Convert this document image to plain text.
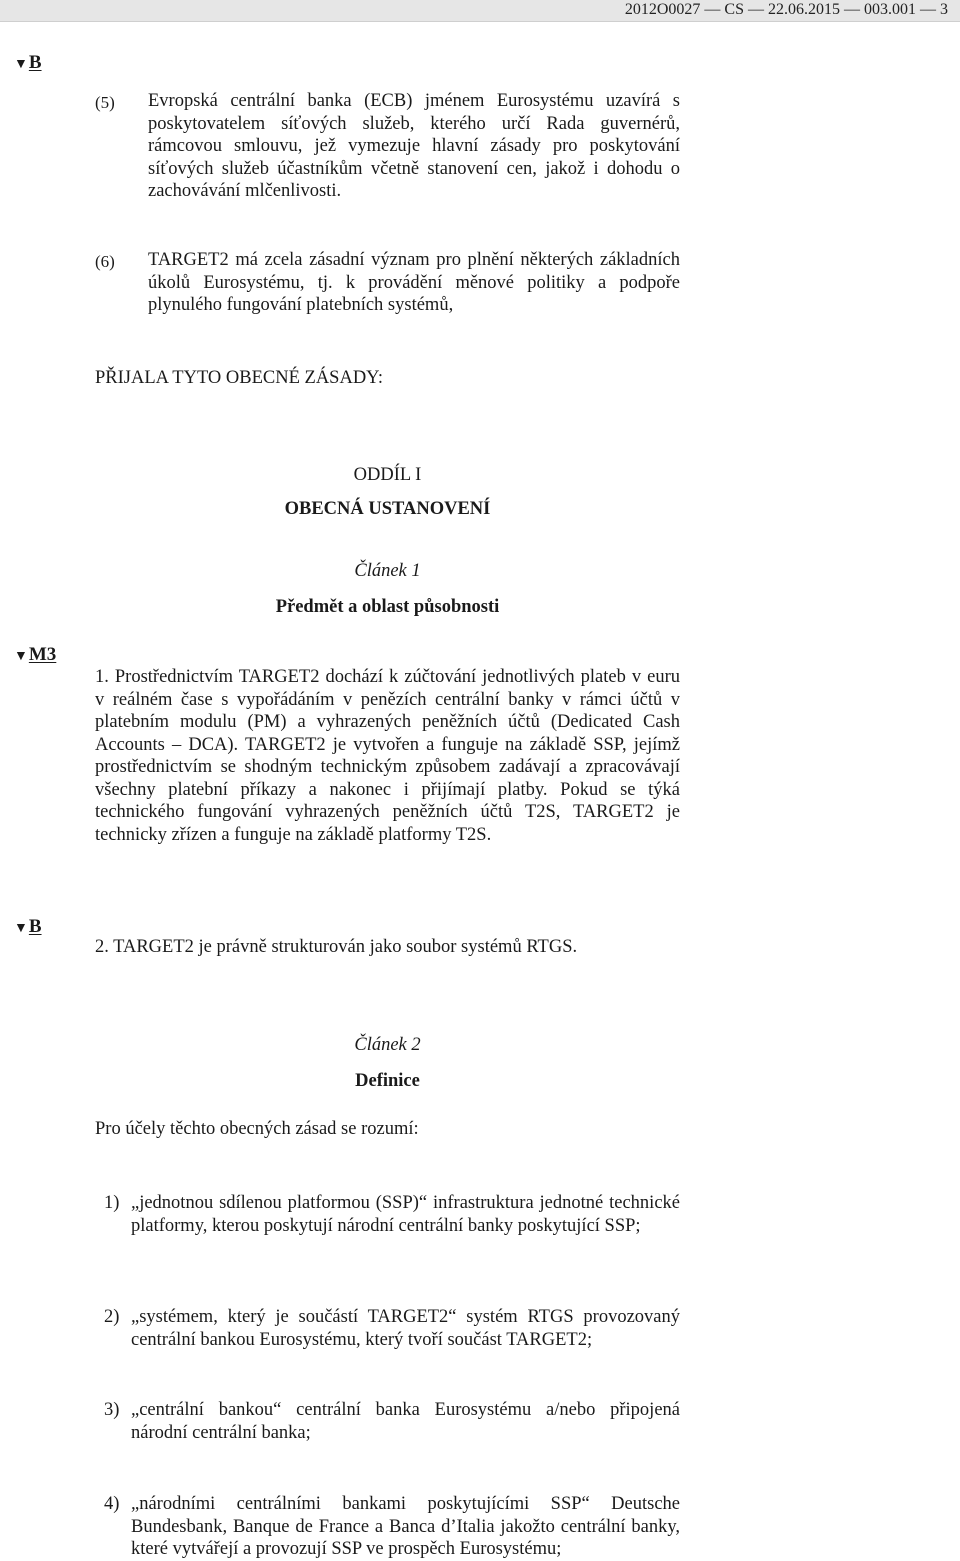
2012O0027 — CS — 22.06.2015 — 003.001 — 3
▼B
(5) Evropská centrální banka (ECB) jménem Eurosystému uzavírá s poskytovatelem síťových služeb, kterého určí Rada guvernérů, rámcovou smlouvu, jež vymezuje hlavní zásady pro poskytování síťových služeb účastníkům včetně stanovení cen, jakož i dohodu o zachovávání mlčenlivosti.
(6) TARGET2 má zcela zásadní význam pro plnění některých základních úkolů Eurosystému, tj. k provádění měnové politiky a podpoře plynulého fungování platebních systémů,
PŘIJALA TYTO OBECNÉ ZÁSADY:
ODDÍL I
OBECNÁ USTANOVENÍ
Článek 1
Předmět a oblast působnosti
▼M3
1. Prostřednictvím TARGET2 dochází k zúčtování jednotlivých plateb v euru v reálném čase s vypořádáním v penězích centrální banky v rámci účtů v platebním modulu (PM) a vyhrazených peněžních účtů (Dedicated Cash Accounts – DCA). TARGET2 je vytvořen a funguje na základě SSP, jejímž prostřednictvím se shodným technickým způsobem zadávají a zpracovávají všechny platební příkazy a nakonec i přijímají platby. Pokud se týká technického fungování vyhrazených peněžních účtů T2S, TARGET2 je technicky zřízen a funguje na základě platformy T2S.
▼B
2. TARGET2 je právně strukturován jako soubor systémů RTGS.
Článek 2
Definice
Pro účely těchto obecných zásad se rozumí:
1) „jednotnou sdílenou platformou (SSP)“ infrastruktura jednotné technické platformy, kterou poskytují národní centrální banky poskytující SSP;
2) „systémem, který je součástí TARGET2“ systém RTGS provozovaný centrální bankou Eurosystému, který tvoří součást TARGET2;
3) „centrální bankou“ centrální banka Eurosystému a/nebo připojená národní centrální banka;
4) „národními centrálními bankami poskytujícími SSP“ Deutsche Bundesbank, Banque de France a Banca d’Italia jakožto centrální banky, které vytvářejí a provozují SSP ve prospěch Eurosystému;
